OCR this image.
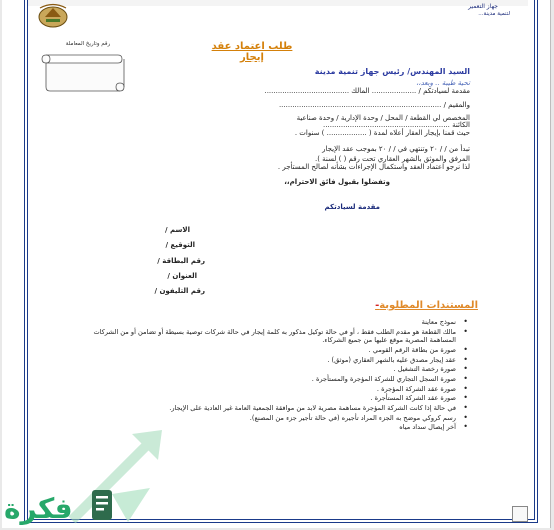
جهاز التعمير
لتنمية مدينة...
رقم وتاريخ المعاملة	طلب اعتماد عقد إيجار
السيد المهندس/ رئيس جهاز تنمية مدينة
تحية طيبة .. وبعد،،
مقدمة لسيادتكم / .................... المالك ......................................
والمقيم / .........................................................................
المخصص لي القطعة / المحل / وحدة الإدارية / وحدة صناعية
الكائنة .........................................................
حيث قمنا بإيجار العقار أعلاه لمدة ( .................. ) سنوات .
تبدأ من / / ٢٠ وتنتهي في / / ٢٠ بموجب عقد الإيجار
المرفق والموثق بالشهر العقاري تحت رقم ( ) لسنة ).
لذا نرجو اعتماد العقد واستكمال الإجراءات بشأنه لصالح المستأجر .
وتفضلوا بقبول فائق الاحترام،،
مقدمة لسيادتكم
الاسم /
التوقيع /
رقم البطاقة /
العنوان /
رقم التليفون /
المستندات المطلوبة-
• نموذج معاينة
• مالك القطعة هو مقدم الطلب فقط ، أو في حالة توكيل مذكور به كلمة إيجار في حالة شركات توصية بسيطة أو تضامن أو من الشركات المساهمة المصرية موقع عليها من جميع الشركاء.
• صورة من بطاقة الرقم القومي .
• عقد إيجار مصدق عليه بالشهر العقاري (موثق) .
• صورة رخصة التشغيل .
• صورة السجل التجاري للشركة المؤجرة والمستأجرة .
• صورة عقد الشركة المؤجرة .
• صورة عقد الشركة المستأجرة .
• في حالة إذا كانت الشركة المؤجرة مساهمة مصرية لابد من موافقة الجمعية العامة غير العادية على الإيجار.
• رسم كروكي موضح به الجزء المراد تأجيره (في حالة تأجير جزء من المصنع).
• آخر إيصال سداد مياه
فكرة
